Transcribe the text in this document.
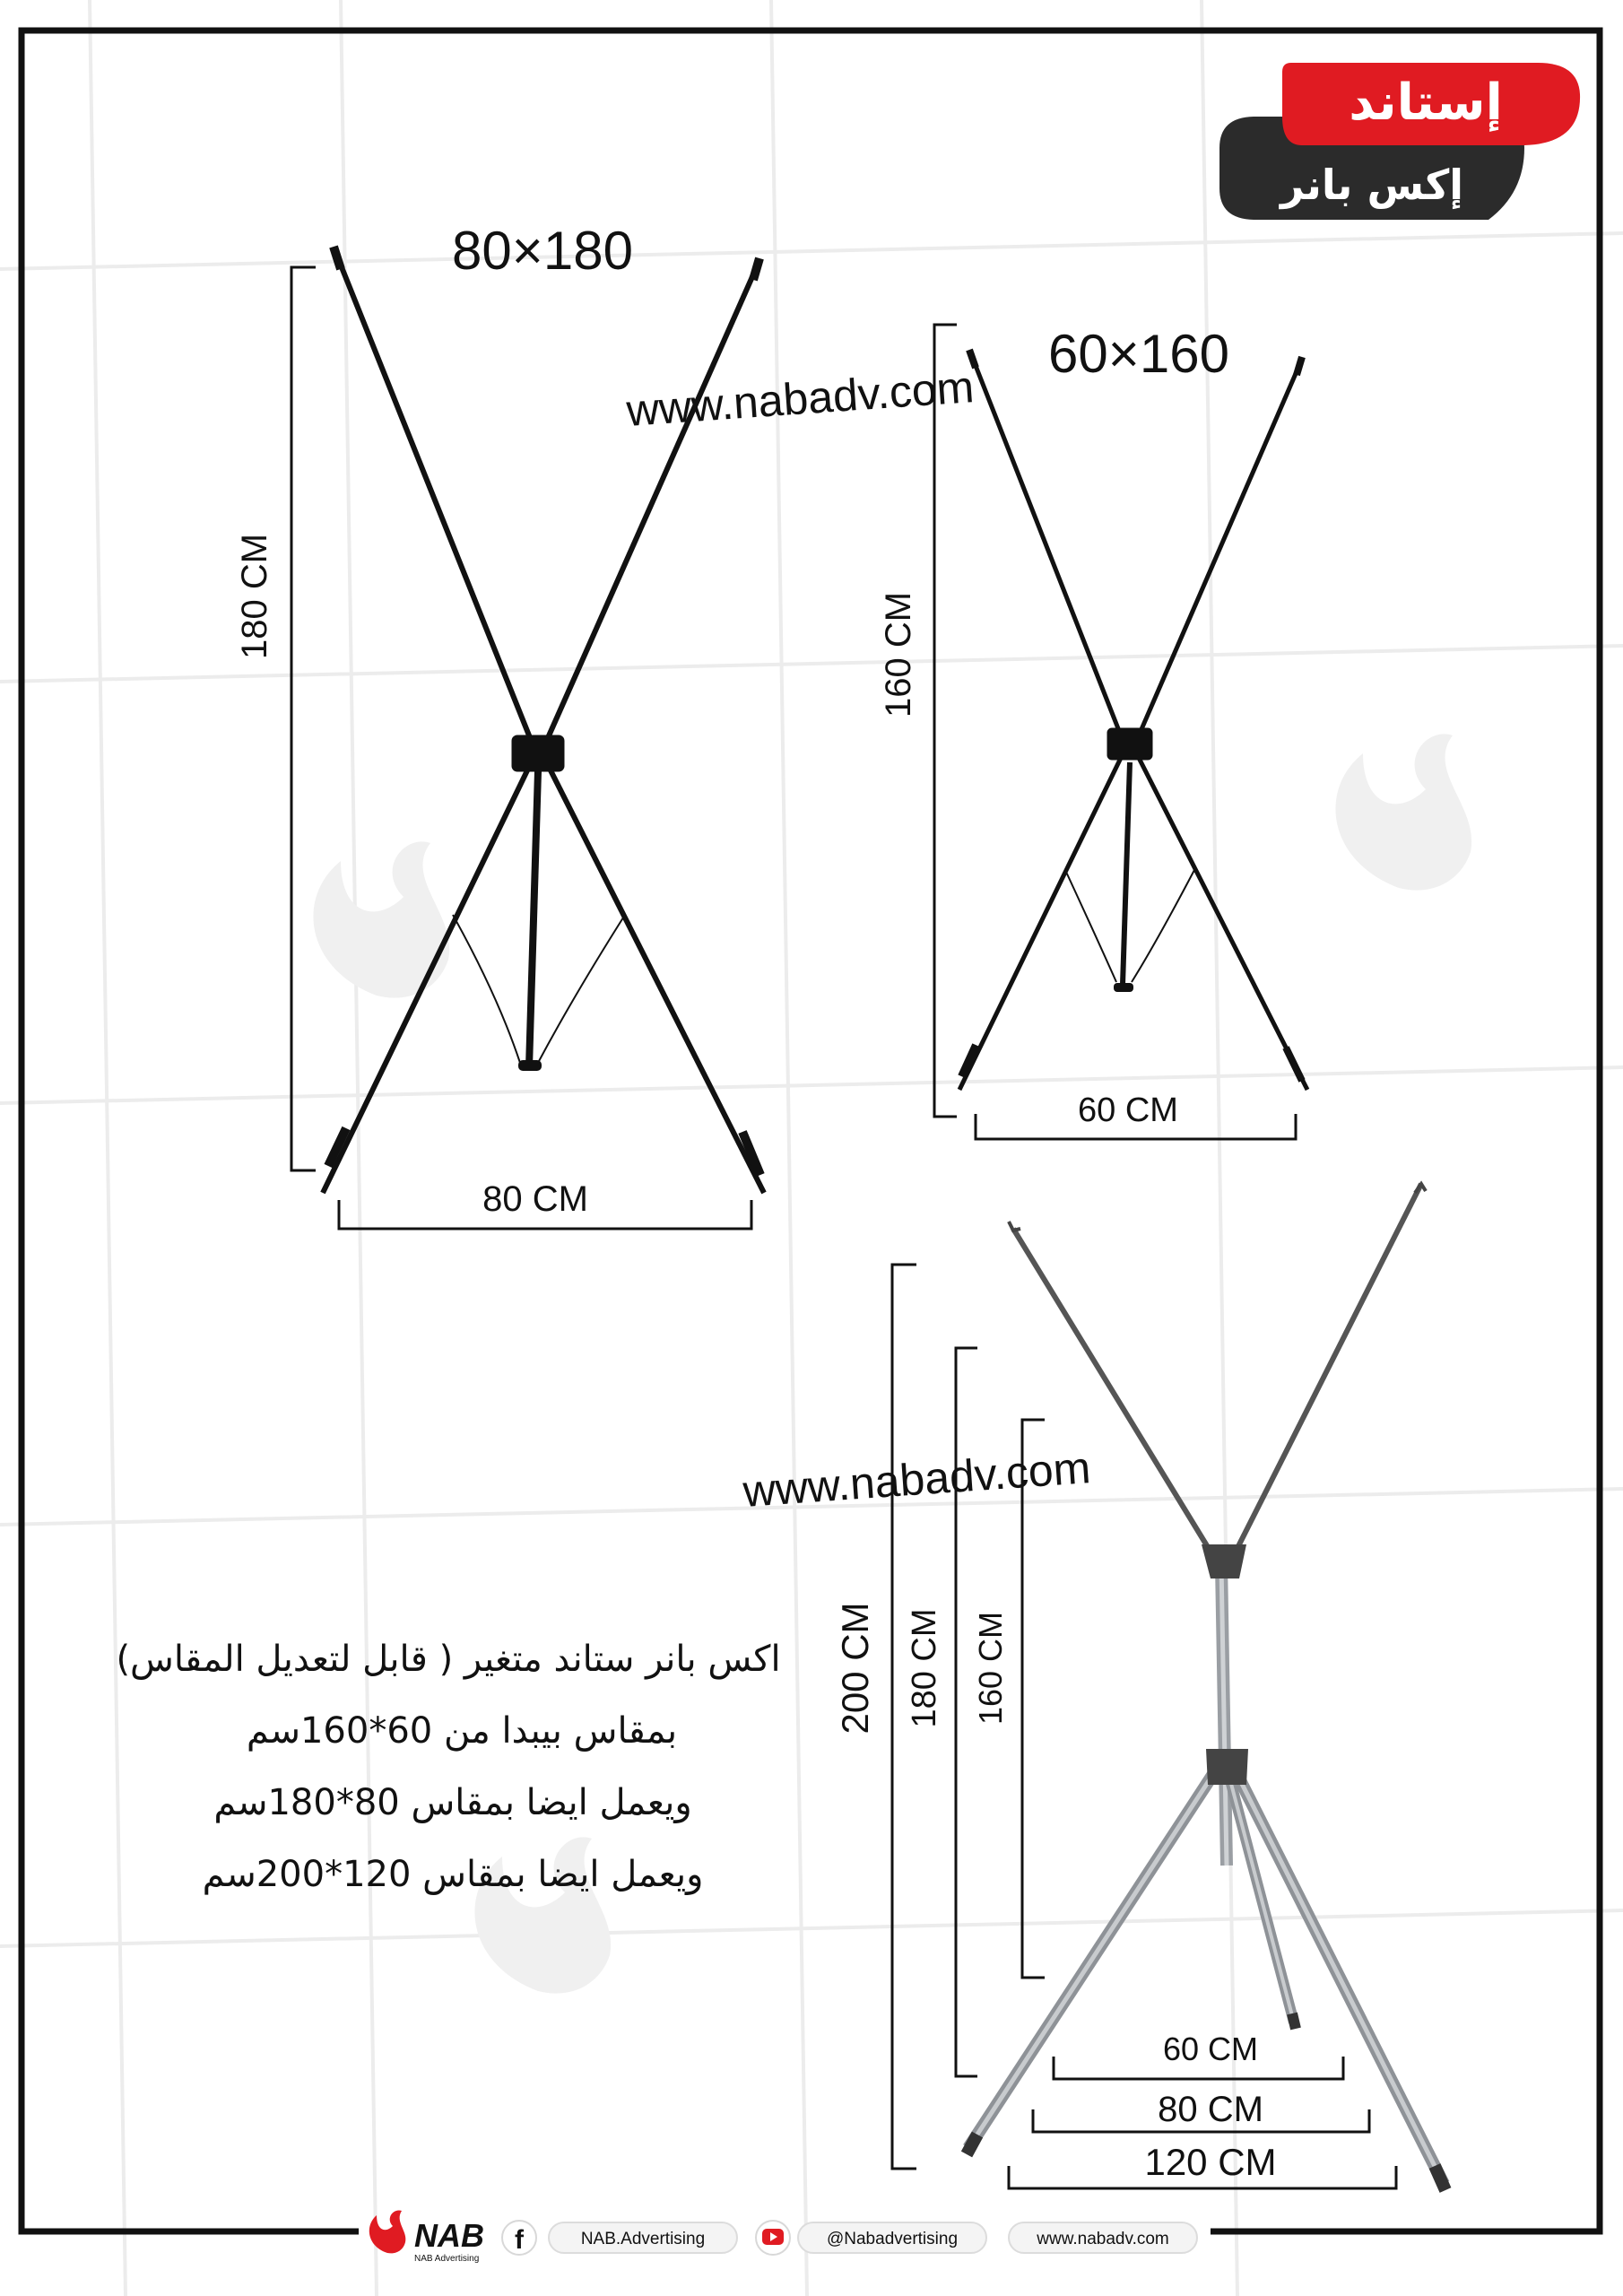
www.nabadv.com
www.nabadv.com
إستاند
إكس بانر
80×180
180 CM
80 CM
60×160
160 CM
60 CM
200 CM 180 CM 160 CM
60 CM
80 CM
120 CM
اكس بانر ستاند متغير ( قابل لتعديل المقاس)
بمقاس بيبدا من 60*160سم
ويعمل ايضا بمقاس 80*180سم
ويعمل ايضا بمقاس 120*200سم
NAB
NAB Advertising
f	NAB.Advertising	@Nabadvertising	www.nabadv.com
